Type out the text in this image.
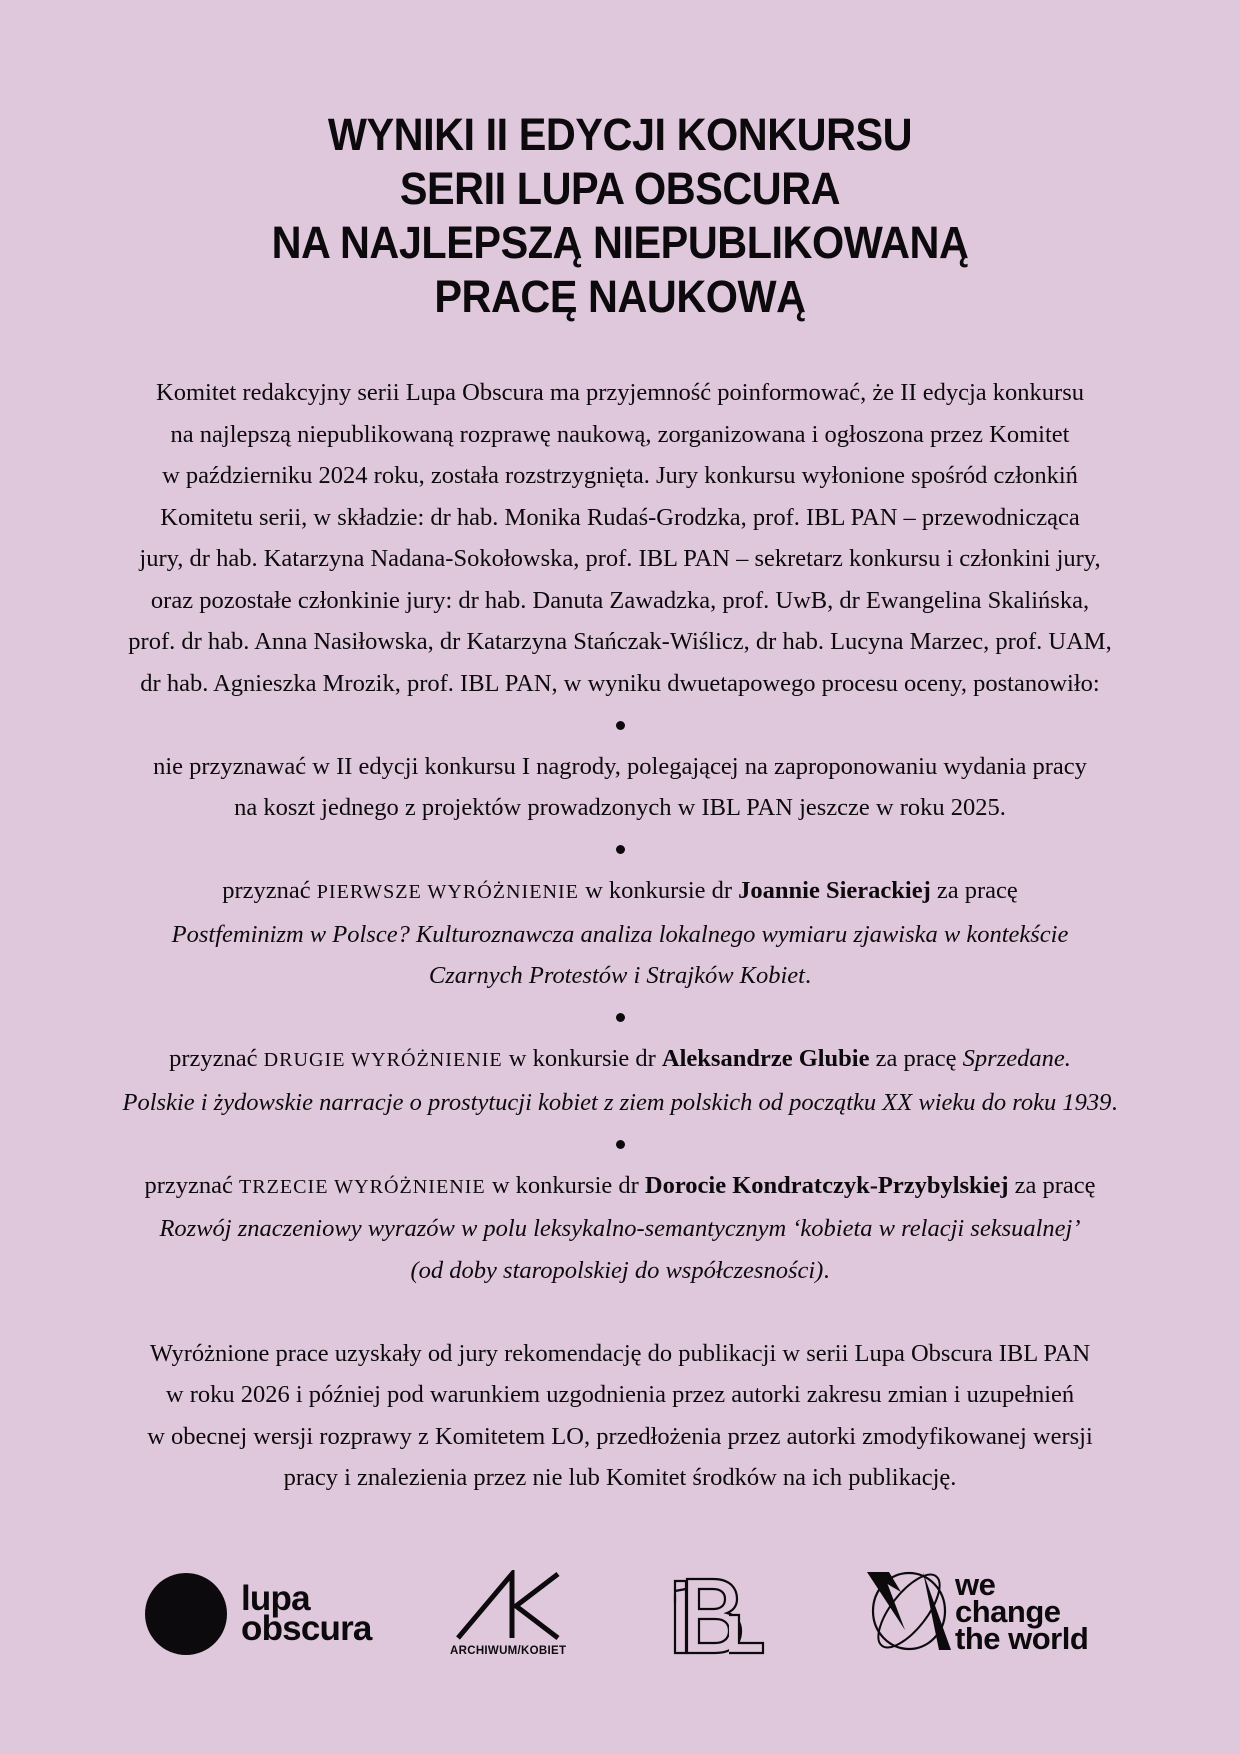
WYNIKI II EDYCJI KONKURSU
SERII LUPA OBSCURA
NA NAJLEPSZĄ NIEPUBLIKOWANĄ
PRACĘ NAUKOWĄ
Komitet redakcyjny serii Lupa Obscura ma przyjemność poinformować, że II edycja konkursu
na najlepszą niepublikowaną rozprawę naukową, zorganizowana i ogłoszona przez Komitet
w październiku 2024 roku, została rozstrzygnięta. Jury konkursu wyłonione spośród członkiń
Komitetu serii, w składzie: dr hab. Monika Rudaś-Grodzka, prof. IBL PAN – przewodnicząca
jury, dr hab. Katarzyna Nadana-Sokołowska, prof. IBL PAN – sekretarz konkursu i członkini jury,
oraz pozostałe członkinie jury: dr hab. Danuta Zawadzka, prof. UwB, dr Ewangelina Skalińska,
prof. dr hab. Anna Nasiłowska, dr Katarzyna Stańczak-Wiślicz, dr hab. Lucyna Marzec, prof. UAM,
dr hab. Agnieszka Mrozik, prof. IBL PAN, w wyniku dwuetapowego procesu oceny, postanowiło:
nie przyznawać w II edycji konkursu I nagrody, polegającej na zaproponowaniu wydania pracy
na koszt jednego z projektów prowadzonych w IBL PAN jeszcze w roku 2025.
przyznać PIERWSZE WYRÓŻNIENIE w konkursie dr Joannie Sierackiej za pracę
Postfeminizm w Polsce? Kulturoznawcza analiza lokalnego wymiaru zjawiska w kontekście
Czarnych Protestów i Strajków Kobiet.
przyznać DRUGIE WYRÓŻNIENIE w konkursie dr Aleksandrze Glubie za pracę Sprzedane.
Polskie i żydowskie narracje o prostytucji kobiet z ziem polskich od początku XX wieku do roku 1939.
przyznać TRZECIE WYRÓŻNIENIE w konkursie dr Dorocie Kondratczyk-Przybylskiej za pracę
Rozwój znaczeniowy wyrazów w polu leksykalno-semantycznym ‘kobieta w relacji seksualnej’
(od doby staropolskiej do współczesności).
Wyróżnione prace uzyskały od jury rekomendację do publikacji w serii Lupa Obscura IBL PAN
w roku 2026 i później pod warunkiem uzgodnienia przez autorki zakresu zmian i uzupełnień
w obecnej wersji rozprawy z Komitetem LO, przedłożenia przez autorki zmodyfikowanej wersji
pracy i znalezienia przez nie lub Komitet środków na ich publikację.
lupa
obscura
ARCHIWUM/KOBIET
we
change
the world
